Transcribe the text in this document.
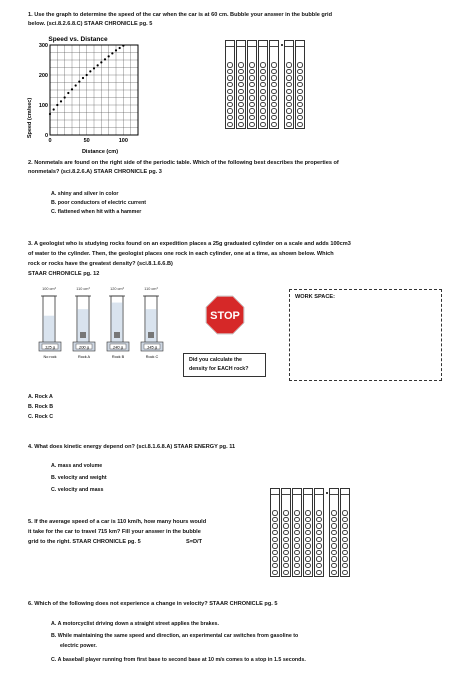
1. Use the graph to determine the speed of the car when the car is at 60 cm. Bubble your answer in the bubble grid
below. (sci.8.2.6.8.C) STAAR CHRONICLE pg. 5
Speed vs. Distance
0	50	100
0
100
200
300
Speed (cm/sec)
Distance (cm)
2. Nonmetals are found on the right side of the periodic table. Which of the following best describes the properties of
nonmetals? (sci.8.2.6.A) STAAR CHRONICLE pg. 3
A. shiny and silver in color
B. poor conductors of electric current
C. flattened when hit with a hammer
3. A geologist who is studying rocks found on an expedition places a 25g graduated cylinder on a scale and adds 100cm3
of water to the cylinder. Then, the geologist places one rock in each cylinder, one at a time, as shown below. Which
rock or rocks have the greatest density? (sci.8.1.6.6.B)
STAAR CHRONICLE pg. 12
100 cm³
125 g
No rock
110 cm³
200 g
Rock A
120 cm³
240 g
Rock B
110 cm³
145 g
Rock C
STOP
Did you calculate the
density for EACH rock?
WORK SPACE:
A. Rock A
B. Rock B
C. Rock C
4. What does kinetic energy depend on? (sci.8.1.6.8.A) STAAR ENERGY pg. 11
A. mass and volume
B. velocity and weight
C. velocity and mass
5. If the average speed of a car is 110 km/h, how many hours would
it take for the car to travel 715 km? Fill your answer in the bubble
grid to the right. STAAR CHRONICLE pg. 5	S=D/T
6. Which of the following does not experience a change in velocity? STAAR CHRONICLE pg. 5
A. A motorcyclist driving down a straight street applies the brakes.
B. While maintaining the same speed and direction, an experimental car switches from gasoline to
electric power.
C. A baseball player running from first base to second base at 10 m/s comes to a stop in 1.5 seconds.
